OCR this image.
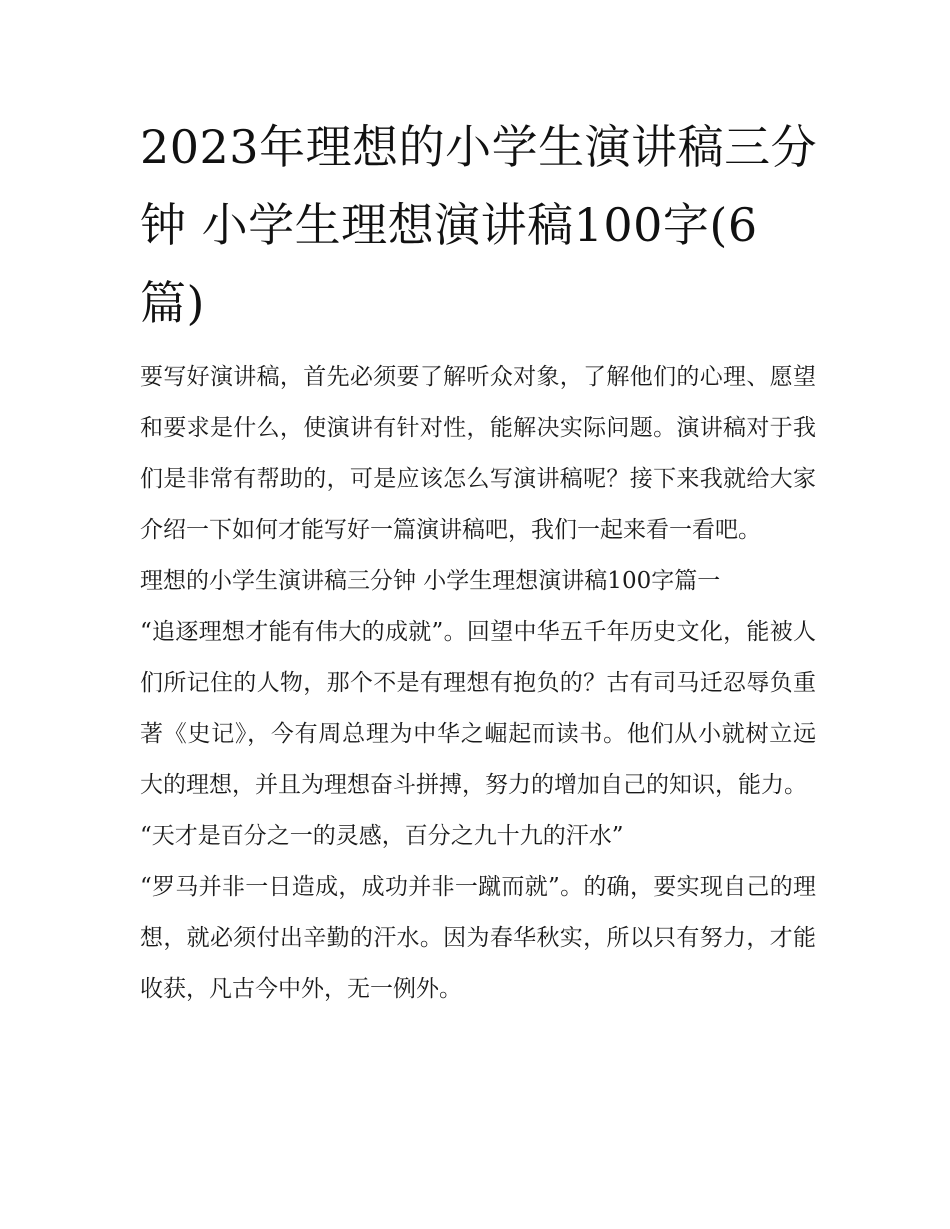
2023年理想的小学生演讲稿三分钟 小学生理想演讲稿100字(6篇)

要写好演讲稿，首先必须要了解听众对象，了解他们的心理、愿望和要求是什么，使演讲有针对性，能解决实际问题。演讲稿对于我们是非常有帮助的，可是应该怎么写演讲稿呢？接下来我就给大家介绍一下如何才能写好一篇演讲稿吧，我们一起来看一看吧。

理想的小学生演讲稿三分钟 小学生理想演讲稿100字篇一

“追逐理想才能有伟大的成就”。回望中华五千年历史文化，能被人们所记住的人物，那个不是有理想有抱负的？古有司马迁忍辱负重著《史记》，今有周总理为中华之崛起而读书。他们从小就树立远大的理想，并且为理想奋斗拼搏，努力的增加自己的知识，能力。

“天才是百分之一的灵感，百分之九十九的汗水”

“罗马并非一日造成，成功并非一蹴而就”。的确，要实现自己的理想，就必须付出辛勤的汗水。因为春华秋实，所以只有努力，才能收获，凡古今中外，无一例外。
